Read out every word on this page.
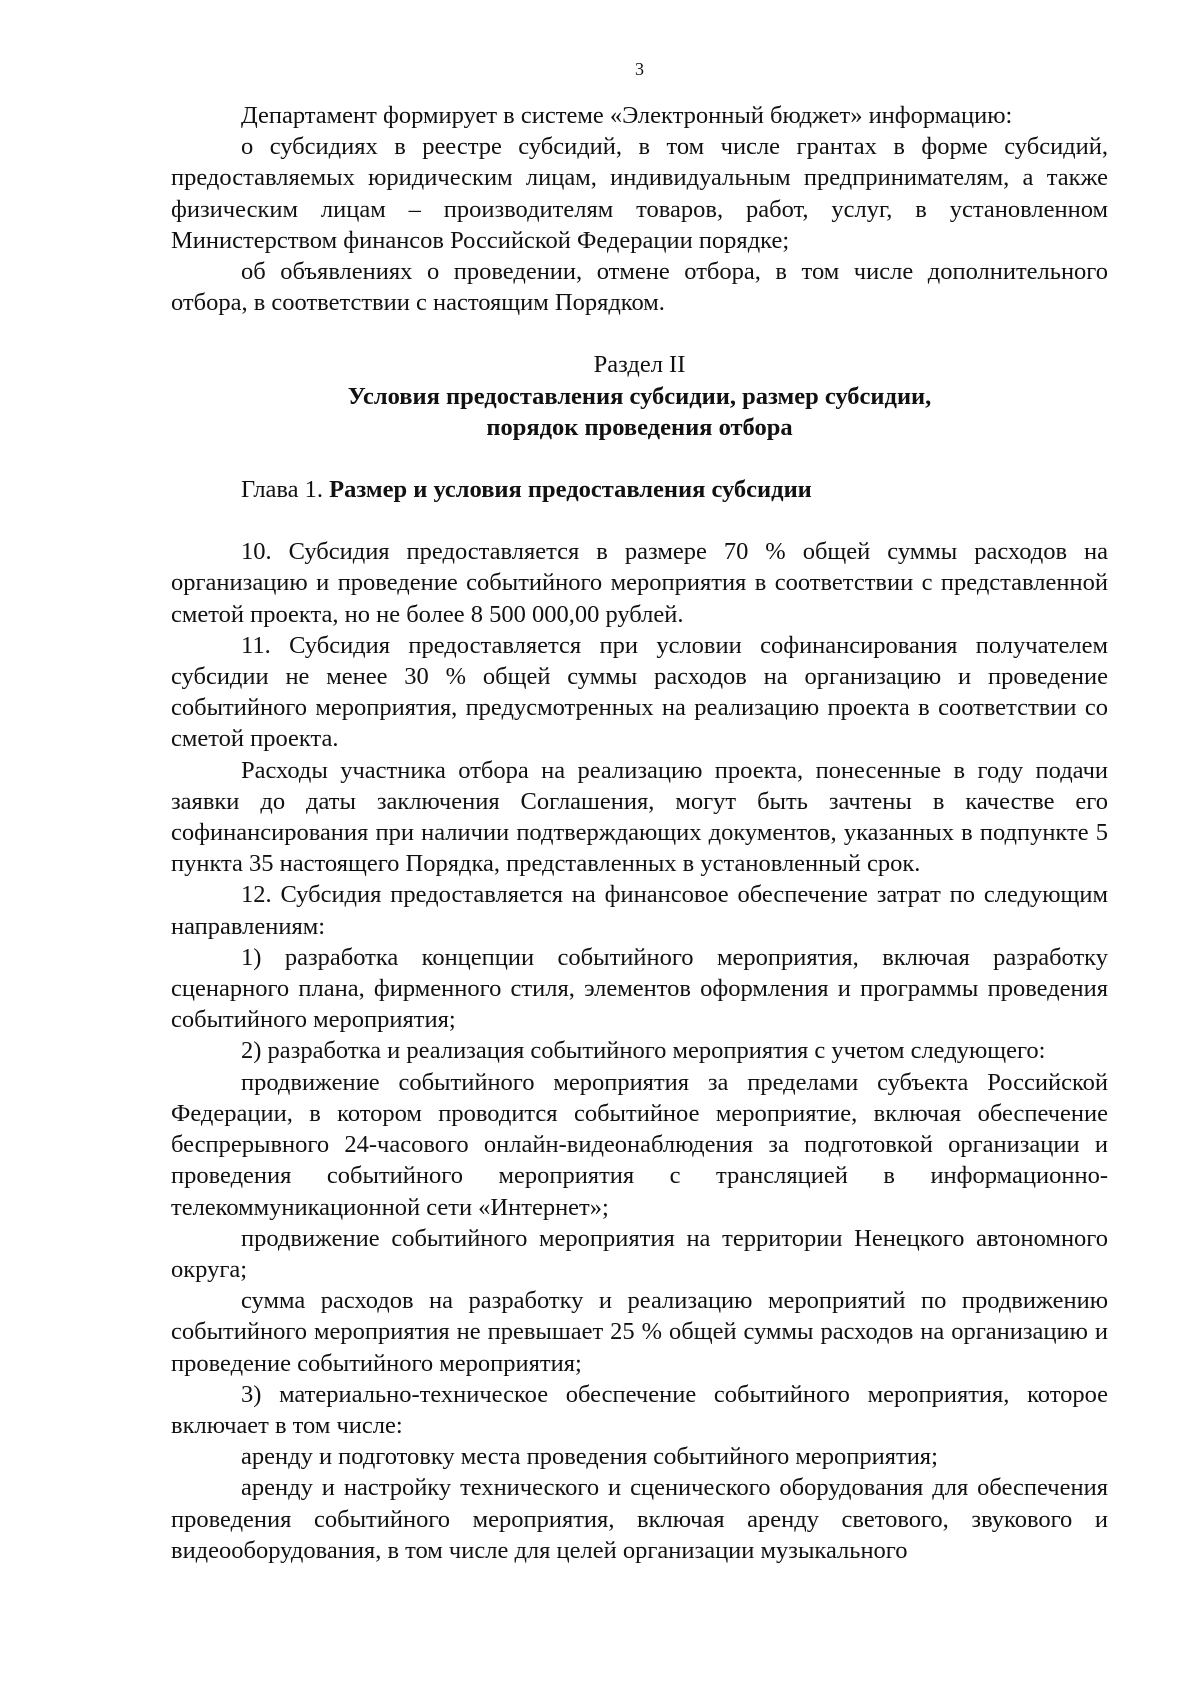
3

Департамент формирует в системе «Электронный бюджет» информацию:

о субсидиях в реестре субсидий, в том числе грантах в форме субсидий, предоставляемых юридическим лицам, индивидуальным предпринимателям, а также физическим лицам – производителям товаров, работ, услуг, в установленном Министерством финансов Российской Федерации порядке;

об объявлениях о проведении, отмене отбора, в том числе дополнительного отбора, в соответствии с настоящим Порядком.

Раздел II

Условия предоставления субсидии, размер субсидии,

порядок проведения отбора

Глава 1. Размер и условия предоставления субсидии

10. Субсидия предоставляется в размере 70 % общей суммы расходов на организацию и проведение событийного мероприятия в соответствии с представленной сметой проекта, но не более 8 500 000,00 рублей.

11. Субсидия предоставляется при условии софинансирования получателем субсидии не менее 30 % общей суммы расходов на организацию и проведение событийного мероприятия, предусмотренных на реализацию проекта в соответствии со сметой проекта.

Расходы участника отбора на реализацию проекта, понесенные в году подачи заявки до даты заключения Соглашения, могут быть зачтены в качестве его софинансирования при наличии подтверждающих документов, указанных в подпункте 5 пункта 35 настоящего Порядка, представленных в установленный срок.

12. Субсидия предоставляется на финансовое обеспечение затрат по следующим направлениям:

1) разработка концепции событийного мероприятия, включая разработку сценарного плана, фирменного стиля, элементов оформления и программы проведения событийного мероприятия;

2) разработка и реализация событийного мероприятия с учетом следующего:

продвижение событийного мероприятия за пределами субъекта Российской Федерации, в котором проводится событийное мероприятие, включая обеспечение беспрерывного 24-часового онлайн-видеонаблюдения за подготовкой организации и проведения событийного мероприятия с трансляцией в информационно-телекоммуникационной сети «Интернет»;

продвижение событийного мероприятия на территории Ненецкого автономного округа;

сумма расходов на разработку и реализацию мероприятий по продвижению событийного мероприятия не превышает 25 % общей суммы расходов на организацию и проведение событийного мероприятия;

3) материально-техническое обеспечение событийного мероприятия, которое включает в том числе:

аренду и подготовку места проведения событийного мероприятия;

аренду и настройку технического и сценического оборудования для обеспечения проведения событийного мероприятия, включая аренду светового, звукового и видеооборудования, в том числе для целей организации музыкального
